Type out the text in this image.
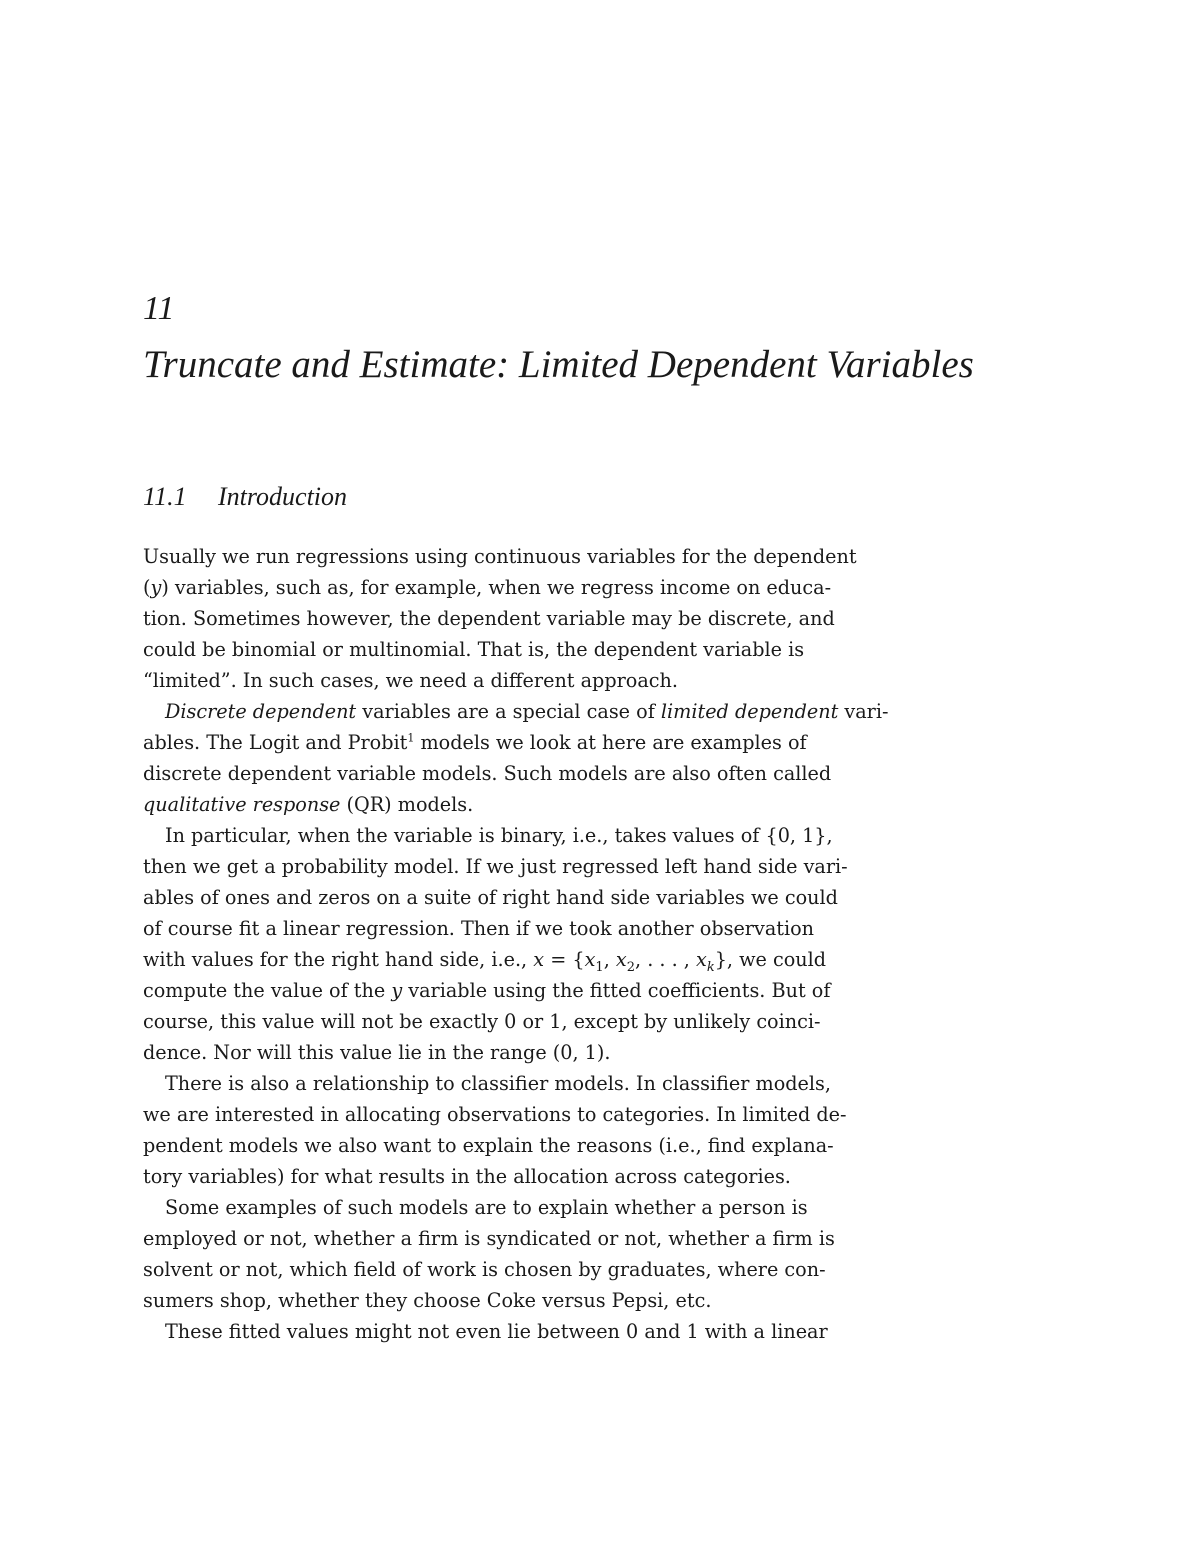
11
Truncate and Estimate: Limited Dependent Variables
11.1 Introduction
Usually we run regressions using continuous variables for the dependent
(y) variables, such as, for example, when we regress income on educa-
tion. Sometimes however, the dependent variable may be discrete, and
could be binomial or multinomial. That is, the dependent variable is
“limited”. In such cases, we need a different approach.
Discrete dependent variables are a special case of limited dependent vari-
ables. The Logit and Probit$^1$ models we look at here are examples of
discrete dependent variable models. Such models are also often called
qualitative response (QR) models.
In particular, when the variable is binary, i.e., takes values of {0, 1},
then we get a probability model. If we just regressed left hand side vari-
ables of ones and zeros on a suite of right hand side variables we could
of course fit a linear regression. Then if we took another observation
with values for the right hand side, i.e., $x = \{x_1$, $x_2$, . . . , $x_k$}, we could
compute the value of the y variable using the fitted coefficients. But of
course, this value will not be exactly 0 or 1, except by unlikely coinci-
dence. Nor will this value lie in the range (0, 1).
There is also a relationship to classifier models. In classifier models,
we are interested in allocating observations to categories. In limited de-
pendent models we also want to explain the reasons (i.e., find explana-
tory variables) for what results in the allocation across categories.
Some examples of such models are to explain whether a person is
employed or not, whether a firm is syndicated or not, whether a firm is
solvent or not, which field of work is chosen by graduates, where con-
sumers shop, whether they choose Coke versus Pepsi, etc.
These fitted values might not even lie between 0 and 1 with a linear
